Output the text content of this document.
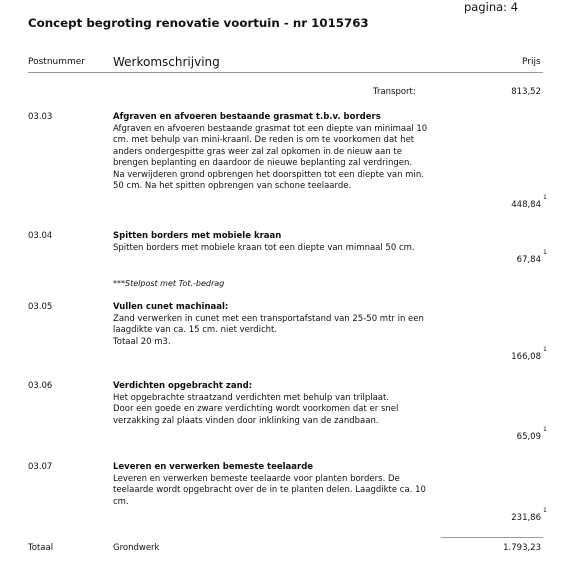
pagina: 4
Concept begroting renovatie voortuin - nr 1015763
Postnummer Werkomschrijving	Prijs
Transport:	813,52
03.03	Afgraven en afvoeren bestaande grasmat t.b.v. borders
Afgraven en afvoeren bestaande grasmat tot een diepte van minimaal 10
cm. met behulp van mini-kraanl. De reden is om te voorkomen dat het
anders ondergespitte gras weer zal zal opkomen in de nieuw aan te
brengen beplanting en daardoor de nieuwe beplanting zal verdringen.
Na verwijderen grond opbrengen het doorspitten tot een diepte van min.
50 cm. Na het spitten opbrengen van schone teelaarde.
448,84
1
03.04	Spitten borders met mobiele kraan
Spitten borders met mobiele kraan tot een diepte van mimnaal 50 cm.
67,84
1
***Stelpost met Tot.-bedrag
03.05	Vullen cunet machinaal:
Zand verwerken in cunet met een transportafstand van 25-50 mtr in een
laagdikte van ca. 15 cm. niet verdicht.
Totaal 20 m3.
166,08
1
03.06	Verdichten opgebracht zand:
Het opgebrachte straatzand verdichten met behulp van trilplaat.
Door een goede en zware verdichting wordt voorkomen dat er snel
verzakking zal plaats vinden door inklinking van de zandbaan.
65,09
1
03.07	Leveren en verwerken bemeste teelaarde
Leveren en verwerken bemeste teelaarde voor planten borders. De
teelaarde wordt opgebracht over de in te planten delen. Laagdikte ca. 10
cm.
231,86
1
Totaal	Grondwerk	1.793,23
